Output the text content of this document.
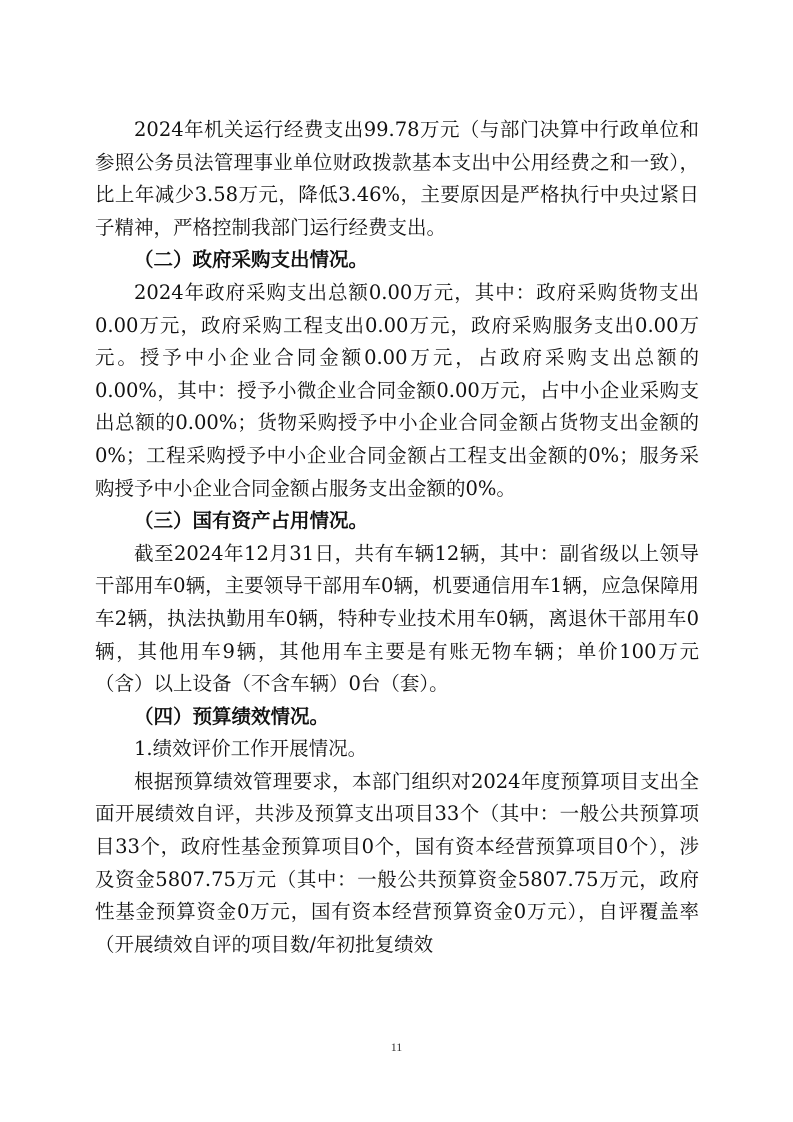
2024年机关运行经费支出99.78万元（与部门决算中行政单位和参照公务员法管理事业单位财政拨款基本支出中公用经费之和一致），比上年减少3.58万元，降低3.46%，主要原因是严格执行中央过紧日子精神，严格控制我部门运行经费支出。

（二）政府采购支出情况。

2024年政府采购支出总额0.00万元，其中：政府采购货物支出0.00万元，政府采购工程支出0.00万元，政府采购服务支出0.00万元。授予中小企业合同金额0.00万元，占政府采购支出总额的0.00%，其中：授予小微企业合同金额0.00万元，占中小企业采购支出总额的0.00%；货物采购授予中小企业合同金额占货物支出金额的0%；工程采购授予中小企业合同金额占工程支出金额的0%；服务采购授予中小企业合同金额占服务支出金额的0%。

（三）国有资产占用情况。

截至2024年12月31日，共有车辆12辆，其中：副省级以上领导干部用车0辆，主要领导干部用车0辆，机要通信用车1辆，应急保障用车2辆，执法执勤用车0辆，特种专业技术用车0辆，离退休干部用车0辆，其他用车9辆，其他用车主要是有账无物车辆；单价100万元（含）以上设备（不含车辆）0台（套）。

（四）预算绩效情况。

1.绩效评价工作开展情况。

根据预算绩效管理要求，本部门组织对2024年度预算项目支出全面开展绩效自评，共涉及预算支出项目33个（其中：一般公共预算项目33个，政府性基金预算项目0个，国有资本经营预算项目0个），涉及资金5807.75万元（其中：一般公共预算资金5807.75万元，政府性基金预算资金0万元，国有资本经营预算资金0万元），自评覆盖率（开展绩效自评的项目数/年初批复绩效

11
